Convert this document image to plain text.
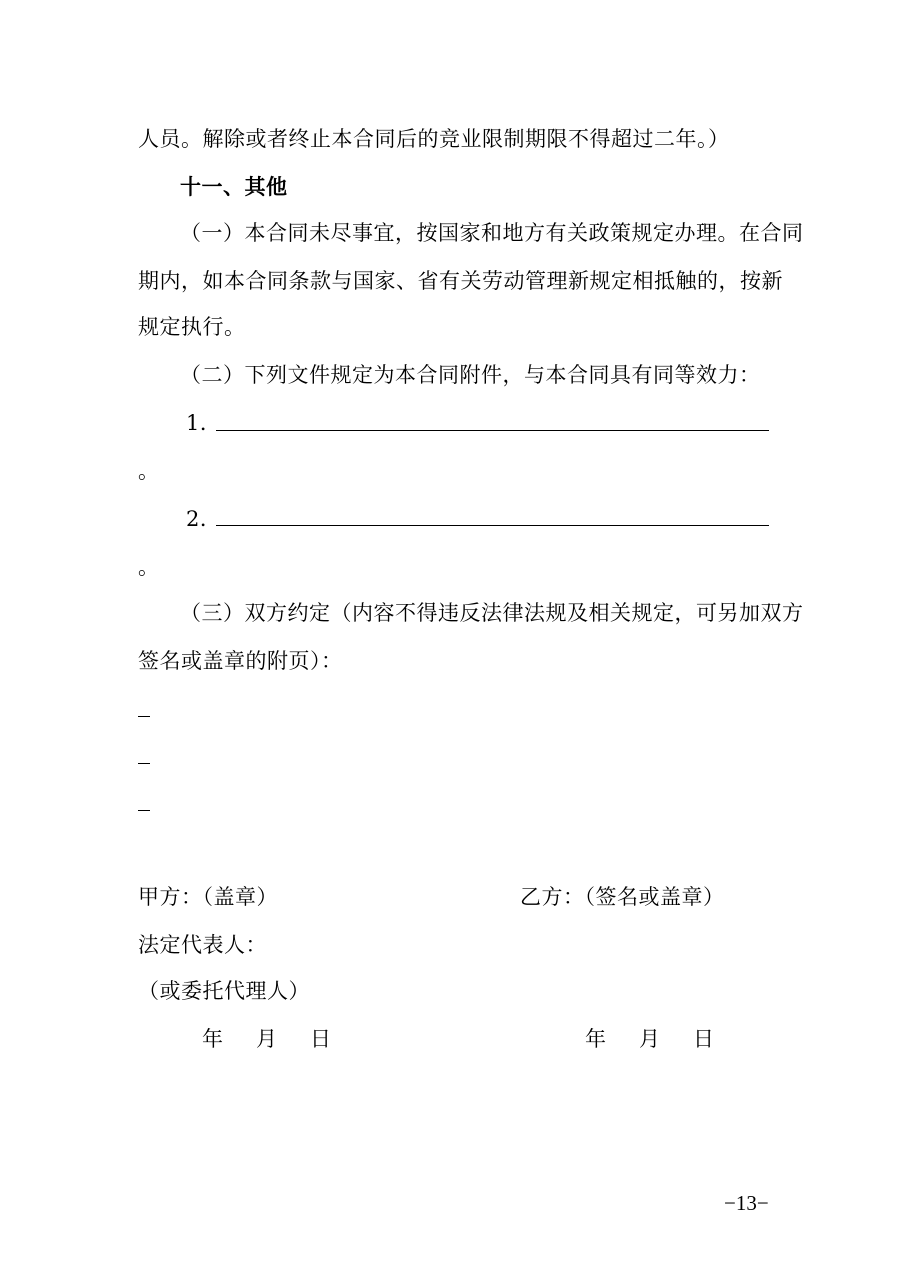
人员。解除或者终止本合同后的竞业限制期限不得超过二年。）
十一、其他
（一）本合同未尽事宜，按国家和地方有关政策规定办理。在合同
期内，如本合同条款与国家、省有关劳动管理新规定相抵触的，按新
规定执行。
（二）下列文件规定为本合同附件，与本合同具有同等效力：
1．
。
2．
。
（三）双方约定（内容不得违反法律法规及相关规定，可另加双方
签名或盖章的附页）：
甲方：（盖章）	乙方：（签名或盖章）
法定代表人：
（或委托代理人）
年 月 日	年 月 日
−13−
